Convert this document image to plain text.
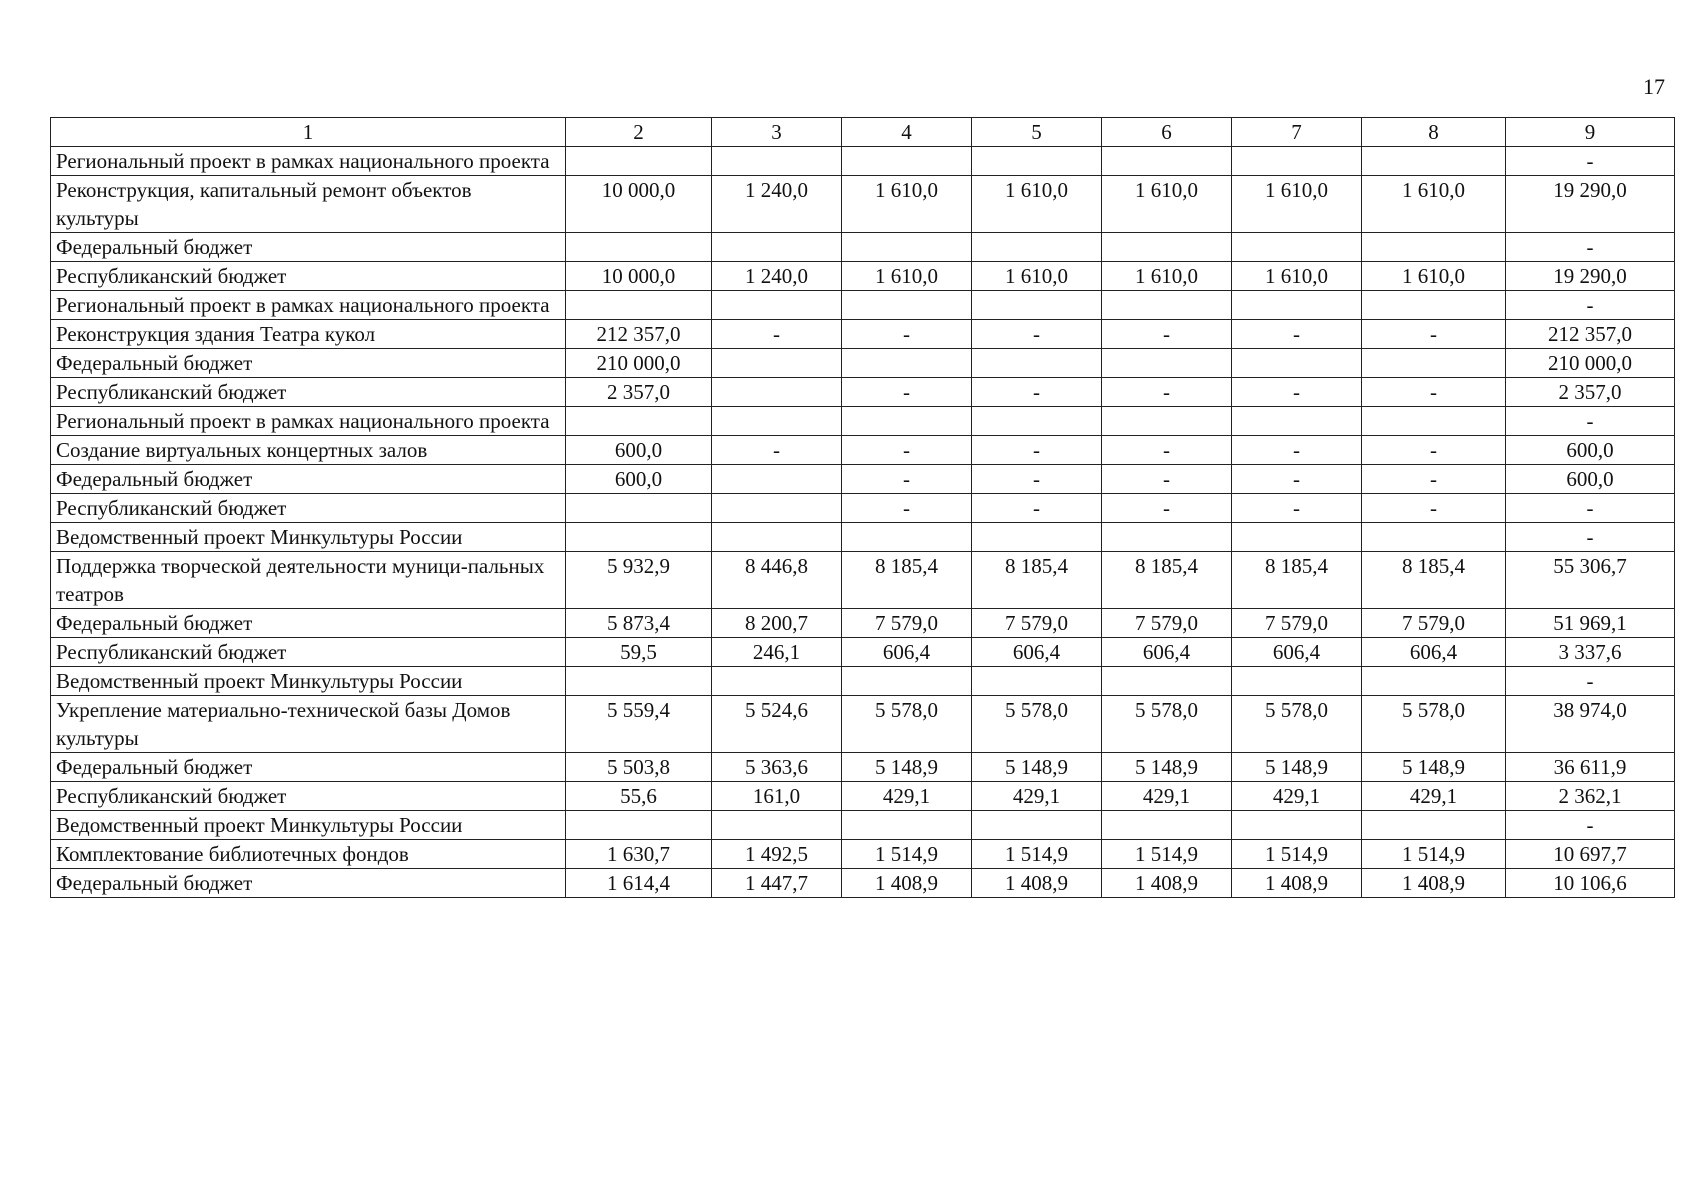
17
1	2	3	4	5	6	7	8	9
Региональный проект в рамках национального проекта								-
Реконструкция, капитальный ремонт объектов культуры	10 000,0	1 240,0	1 610,0	1 610,0	1 610,0	1 610,0	1 610,0	19 290,0
Федеральный бюджет								-
Республиканский бюджет	10 000,0	1 240,0	1 610,0	1 610,0	1 610,0	1 610,0	1 610,0	19 290,0
Региональный проект в рамках национального проекта								-
Реконструкция здания Театра кукол	212 357,0	-	-	-	-	-	-	212 357,0
Федеральный бюджет	210 000,0							210 000,0
Республиканский бюджет	2 357,0		-	-	-	-	-	2 357,0
Региональный проект в рамках национального проекта								-
Создание виртуальных концертных залов	600,0	-	-	-	-	-	-	600,0
Федеральный бюджет	600,0		-	-	-	-	-	600,0
Республиканский бюджет			-	-	-	-	-	-
Ведомственный проект Минкультуры России								-
Поддержка творческой деятельности муници-пальных театров	5 932,9	8 446,8	8 185,4	8 185,4	8 185,4	8 185,4	8 185,4	55 306,7
Федеральный бюджет	5 873,4	8 200,7	7 579,0	7 579,0	7 579,0	7 579,0	7 579,0	51 969,1
Республиканский бюджет	59,5	246,1	606,4	606,4	606,4	606,4	606,4	3 337,6
Ведомственный проект Минкультуры России								-
Укрепление материально-технической базы Домов культуры	5 559,4	5 524,6	5 578,0	5 578,0	5 578,0	5 578,0	5 578,0	38 974,0
Федеральный бюджет	5 503,8	5 363,6	5 148,9	5 148,9	5 148,9	5 148,9	5 148,9	36 611,9
Республиканский бюджет	55,6	161,0	429,1	429,1	429,1	429,1	429,1	2 362,1
Ведомственный проект Минкультуры России								-
Комплектование библиотечных фондов	1 630,7	1 492,5	1 514,9	1 514,9	1 514,9	1 514,9	1 514,9	10 697,7
Федеральный бюджет	1 614,4	1 447,7	1 408,9	1 408,9	1 408,9	1 408,9	1 408,9	10 106,6
